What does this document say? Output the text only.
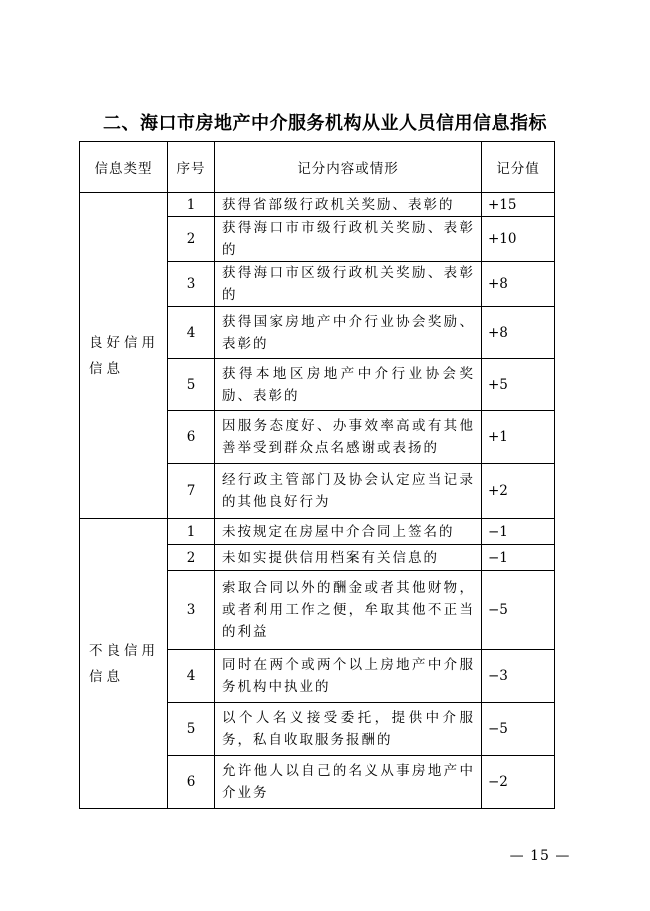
二、海口市房地产中介服务机构从业人员信用信息指标
信息类型	序号	记分内容或情形	记分值
良好信用信息	1	获得省部级行政机关奖励、表彰的	+15
	2	获得海口市市级行政机关奖励、表彰的	+10
	3	获得海口市区级行政机关奖励、表彰的	+8
	4	获得国家房地产中介行业协会奖励、表彰的	+8
	5	获得本地区房地产中介行业协会奖励、表彰的	+5
	6	因服务态度好、办事效率高或有其他善举受到群众点名感谢或表扬的	+1
	7	经行政主管部门及协会认定应当记录的其他良好行为	+2
不良信用信息	1	未按规定在房屋中介合同上签名的	−1
	2	未如实提供信用档案有关信息的	−1
	3	索取合同以外的酬金或者其他财物，或者利用工作之便，牟取其他不正当的利益	−5
	4	同时在两个或两个以上房地产中介服务机构中执业的	−3
	5	以个人名义接受委托，提供中介服务，私自收取服务报酬的	−5
	6	允许他人以自己的名义从事房地产中介业务	−2
— 15 —
